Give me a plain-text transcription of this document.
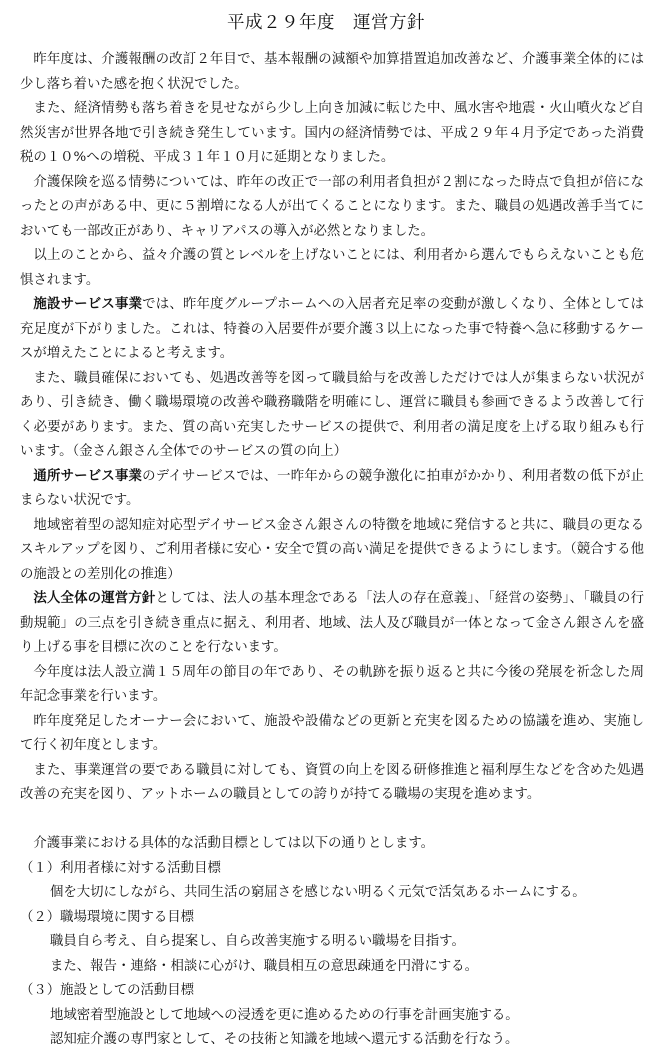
平成２９年度　運営方針

昨年度は、介護報酬の改訂２年目で、基本報酬の減額や加算措置追加改善など、介護事業全体的には少し落ち着いた感を抱く状況でした。

また、経済情勢も落ち着きを見せながら少し上向き加減に転じた中、風水害や地震・火山噴火など自然災害が世界各地で引き続き発生しています。国内の経済情勢では、平成２９年４月予定であった消費税の１０%への増税、平成３１年１０月に延期となりました。

介護保険を巡る情勢については、昨年の改正で一部の利用者負担が２割になった時点で負担が倍になったとの声がある中、更に５割増になる人が出てくることになります。また、職員の処遇改善手当てにおいても一部改正があり、キャリアパスの導入が必然となりました。

以上のことから、益々介護の質とレベルを上げないことには、利用者から選んでもらえないことも危惧されます。

施設サービス事業では、昨年度グループホームへの入居者充足率の変動が激しくなり、全体としては充足度が下がりました。これは、特養の入居要件が要介護３以上になった事で特養へ急に移動するケースが増えたことによると考えます。

また、職員確保においても、処遇改善等を図って職員給与を改善しただけでは人が集まらない状況があり、引き続き、働く職場環境の改善や職務職階を明確にし、運営に職員も参画できるよう改善して行く必要があります。また、質の高い充実したサービスの提供で、利用者の満足度を上げる取り組みも行います。（金さん銀さん全体でのサービスの質の向上）

通所サービス事業のデイサービスでは、一昨年からの競争激化に拍車がかかり、利用者数の低下が止まらない状況です。

地域密着型の認知症対応型デイサービス金さん銀さんの特徴を地域に発信すると共に、職員の更なるスキルアップを図り、ご利用者様に安心・安全で質の高い満足を提供できるようにします。（競合する他の施設との差別化の推進）

法人全体の運営方針としては、法人の基本理念である「法人の存在意義」、「経営の姿勢」、「職員の行動規範」の三点を引き続き重点に据え、利用者、地域、法人及び職員が一体となって金さん銀さんを盛り上げる事を目標に次のことを行ないます。

今年度は法人設立満１５周年の節目の年であり、その軌跡を振り返ると共に今後の発展を祈念した周年記念事業を行います。

昨年度発足したオーナー会において、施設や設備などの更新と充実を図るための協議を進め、実施して行く初年度とします。

また、事業運営の要である職員に対しても、資質の向上を図る研修推進と福利厚生などを含めた処遇改善の充実を図り、アットホームの職員としての誇りが持てる職場の実現を進めます。

介護事業における具体的な活動目標としては以下の通りとします。

（１）利用者様に対する活動目標

個を大切にしながら、共同生活の窮屈さを感じない明るく元気で活気あるホームにする。

（２）職場環境に関する目標

職員自ら考え、自ら提案し、自ら改善実施する明るい職場を目指す。

また、報告・連絡・相談に心がけ、職員相互の意思疎通を円滑にする。

（３）施設としての活動目標

地域密着型施設として地域への浸透を更に進めるための行事を計画実施する。

認知症介護の専門家として、その技術と知識を地域へ還元する活動を行なう。
